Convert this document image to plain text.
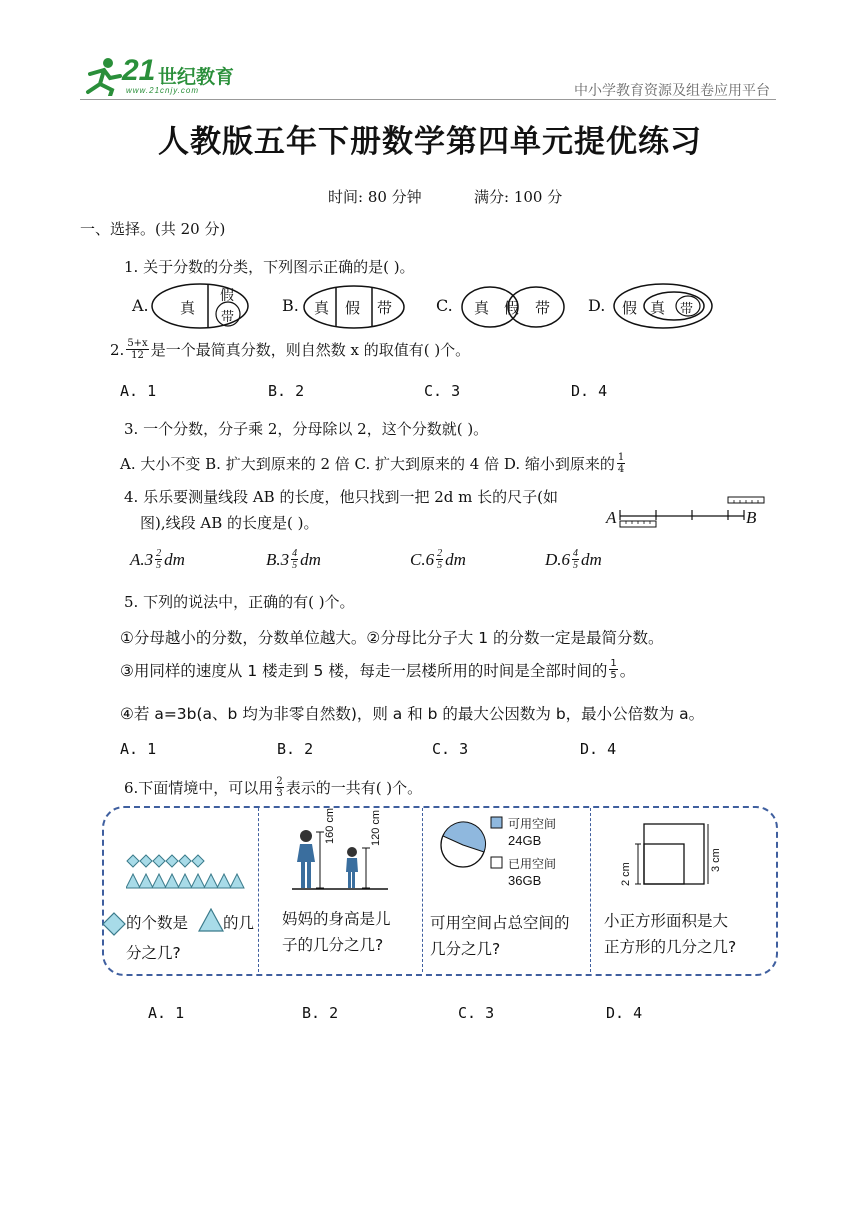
21 世纪教育
www.21cnjy.com	中小学教育资源及组卷应用平台
人教版五年下册数学第四单元提优练习
时间: 80 分钟	满分: 100 分
一、选择。(共 20 分)
1. 关于分数的分类，下列图示正确的是( )。
A.	B.	C.	D.
真
假
带
真 假 带	真 假 带	假 真 带
2. $\frac{5+x}{12}$ 是一个最简真分数，则自然数 x 的取值有( )个。
A. 1	B. 2	C. 3	D. 4
3. 一个分数，分子乘 2，分母除以 2，这个分数就( )。
A. 大小不变 B. 扩大到原来的 2 倍 C. 扩大到原来的 4 倍 D. 缩小到原来的 $\frac{1}{4}$
4. 乐乐要测量线段 AB 的长度，他只找到一把 2d m 长的尺子(如
图),线段 AB 的长度是( )。	A	B
$A.3 \frac{2}{5}$ dm	$B.3 \frac{4}{5}$ dm	$C.6 \frac{2}{5}$ dm	$D.6 \frac{4}{5}$ dm
5. 下列的说法中，正确的有( )个。
①分母越小的分数，分数单位越大。②分母比分子大 1 的分数一定是最简分数。
③用同样的速度从 1 楼走到 5 楼，每走一层楼所用的时间是全部时间的 $\frac{1}{5}$ 。
④若 a=3b(a、b 均为非零自然数)，则 a 和 b 的最大公因数为 b，最小公倍数为 a。
A. 1	B. 2	C. 3	D. 4
6.下面情境中，可以用 $\frac{2}{3}$ 表示的一共有( )个。
的个数是 的几
分之几?
160 cm	120 cm
妈妈的身高是儿
子的几分之几?
可用空间
24GB
已用空间
36GB
可用空间占总空间的
几分之几?
2 cm
3 cm
小正方形面积是大
正方形的几分之几?
A. 1	B. 2	C. 3	D. 4
